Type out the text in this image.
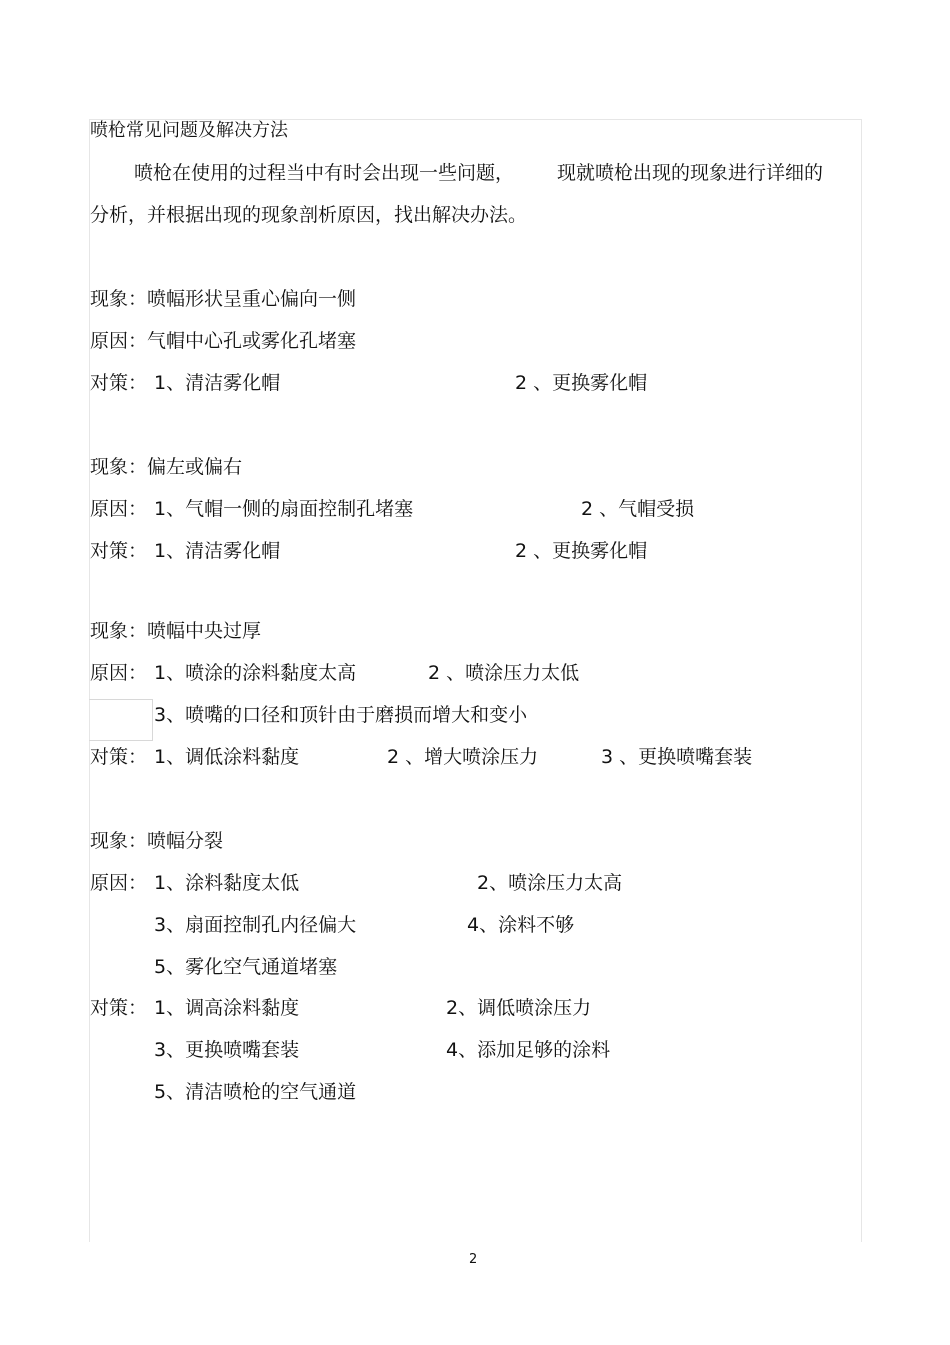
喷枪常见问题及解决方法
喷枪在使用的过程当中有时会出现一些问题， 现就喷枪出现的现象进行详细的
分析，并根据出现的现象剖析原因，找出解决办法。
现象：喷幅形状呈重心偏向一侧
原因：气帽中心孔或雾化孔堵塞
对策： 1、清洁雾化帽	2 、更换雾化帽
现象：偏左或偏右
原因： 1、气帽一侧的扇面控制孔堵塞	2 、气帽受损
对策： 1、清洁雾化帽	2 、更换雾化帽
现象：喷幅中央过厚
原因： 1、喷涂的涂料黏度太高	2 、喷涂压力太低
3、喷嘴的口径和顶针由于磨损而增大和变小
对策： 1、调低涂料黏度	2 、增大喷涂压力	3 、更换喷嘴套装
现象：喷幅分裂
原因： 1、涂料黏度太低	2、喷涂压力太高
3、扇面控制孔内径偏大	4、涂料不够
5、雾化空气通道堵塞
对策： 1、调高涂料黏度	2、调低喷涂压力
3、更换喷嘴套装	4、添加足够的涂料
5、清洁喷枪的空气通道
2
